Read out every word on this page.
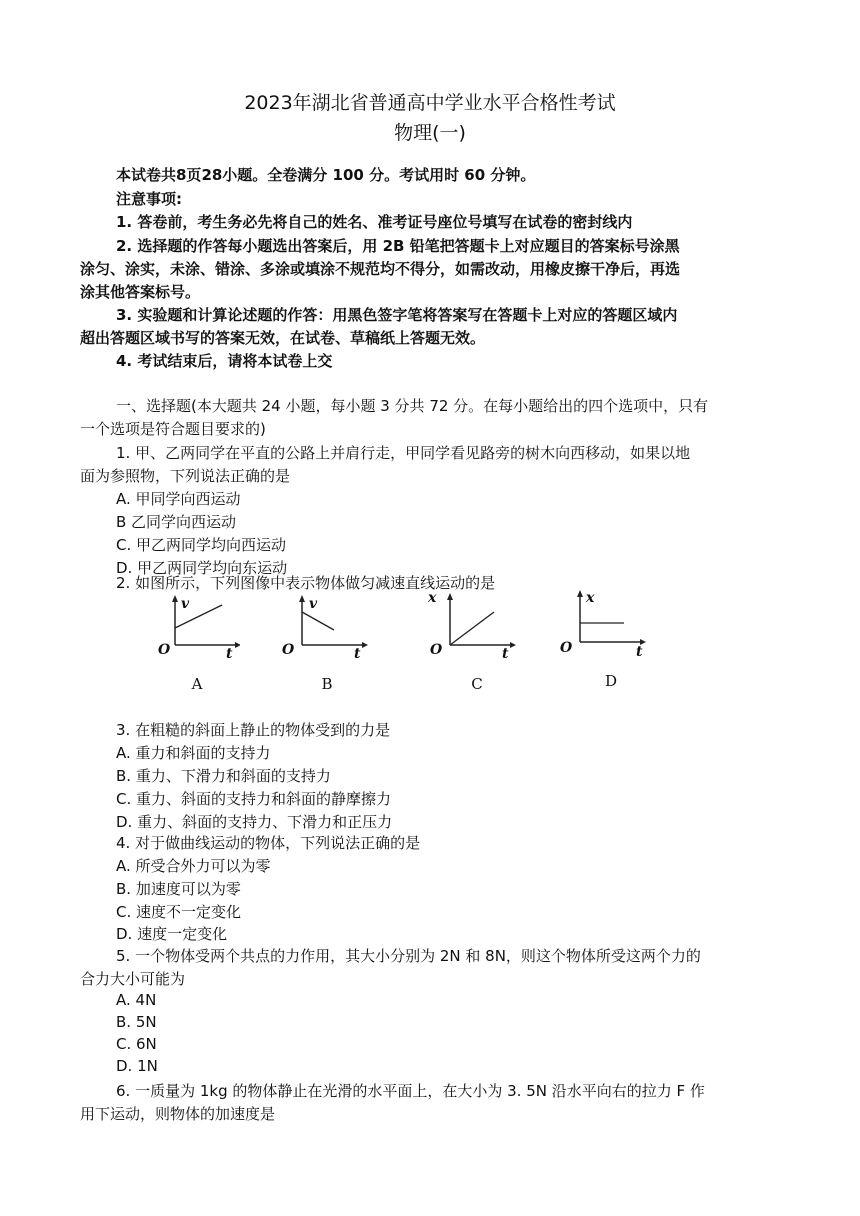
2023年湖北省普通高中学业水平合格性考试
物理(一)
本试卷共8页28小题。全卷满分 100 分。考试用时 60 分钟。
注意事项:
1. 答卷前，考生务必先将自己的姓名、准考证号座位号填写在试卷的密封线内
2. 选择题的作答每小题选出答案后，用 2B 铅笔把答题卡上对应题目的答案标号涂黑
涂匀、涂实，未涂、错涂、多涂或填涂不规范均不得分，如需改动，用橡皮擦干净后，再选
涂其他答案标号。
3. 实验题和计算论述题的作答：用黑色签字笔将答案写在答题卡上对应的答题区域内
超出答题区域书写的答案无效，在试卷、草稿纸上答题无效。
4. 考试结束后，请将本试卷上交
一、选择题(本大题共 24 小题，每小题 3 分共 72 分。在每小题给出的四个选项中，只有
一个选项是符合题目要求的)
1. 甲、乙两同学在平直的公路上并肩行走，甲同学看见路旁的树木向西移动，如果以地
面为参照物，下列说法正确的是
A. 甲同学向西运动
B 乙同学向西运动
C. 甲乙两同学均向西运动
D. 甲乙两同学均向东运动
2. 如图所示，下列图像中表示物体做匀减速直线运动的是
v
O	t
A
v
O	t
B
x
O	t
C
x
O	t
D
3. 在粗糙的斜面上静止的物体受到的力是
A. 重力和斜面的支持力
B. 重力、下滑力和斜面的支持力
C. 重力、斜面的支持力和斜面的静摩擦力
D. 重力、斜面的支持力、下滑力和正压力
4. 对于做曲线运动的物体，下列说法正确的是
A. 所受合外力可以为零
B. 加速度可以为零
C. 速度不一定变化
D. 速度一定变化
5. 一个物体受两个共点的力作用，其大小分别为 2N 和 8N，则这个物体所受这两个力的
合力大小可能为
A. 4N
B. 5N
C. 6N
D. 1N
6. 一质量为 1kg 的物体静止在光滑的水平面上，在大小为 3. 5N 沿水平向右的拉力 F 作
用下运动，则物体的加速度是
